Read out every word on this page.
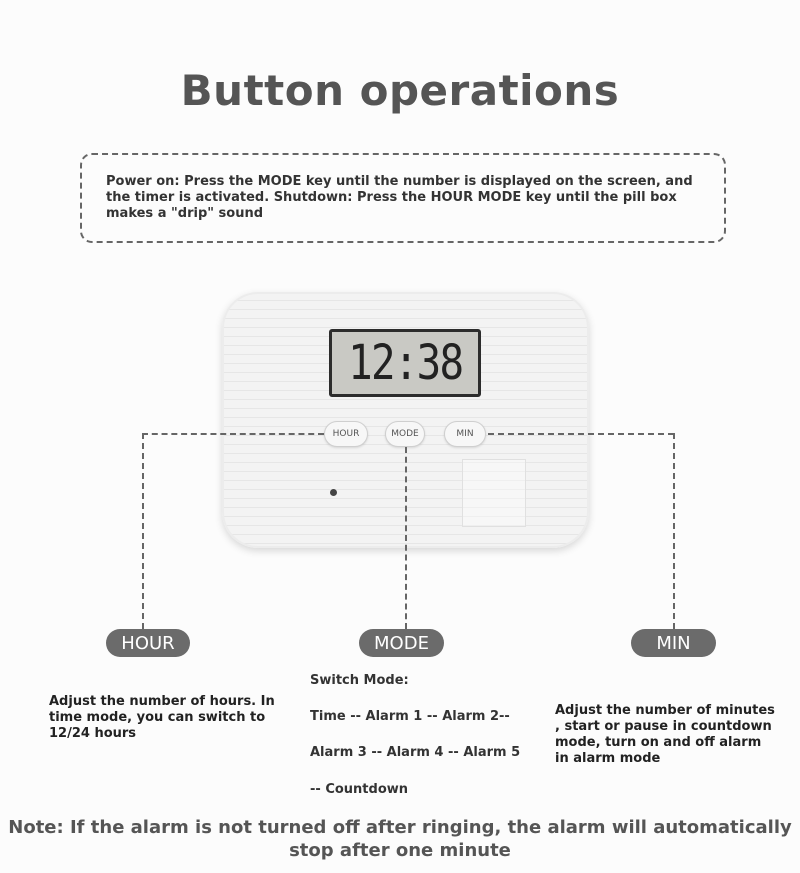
Button operations
Power on: Press the MODE key until the number is displayed on the screen, and the timer is activated. Shutdown: Press the HOUR MODE key until the pill box makes a "drip" sound
12:38
HOUR	MODE	MIN
HOUR	MODE	MIN
Adjust the number of hours. In time mode, you can switch to 12/24 hours
Switch Mode:
Time -- Alarm 1 -- Alarm 2--
Alarm 3 -- Alarm 4 -- Alarm 5
-- Countdown
Adjust the number of minutes , start or pause in countdown mode, turn on and off alarm in alarm mode
Note: If the alarm is not turned off after ringing, the alarm will automatically stop after one minute
